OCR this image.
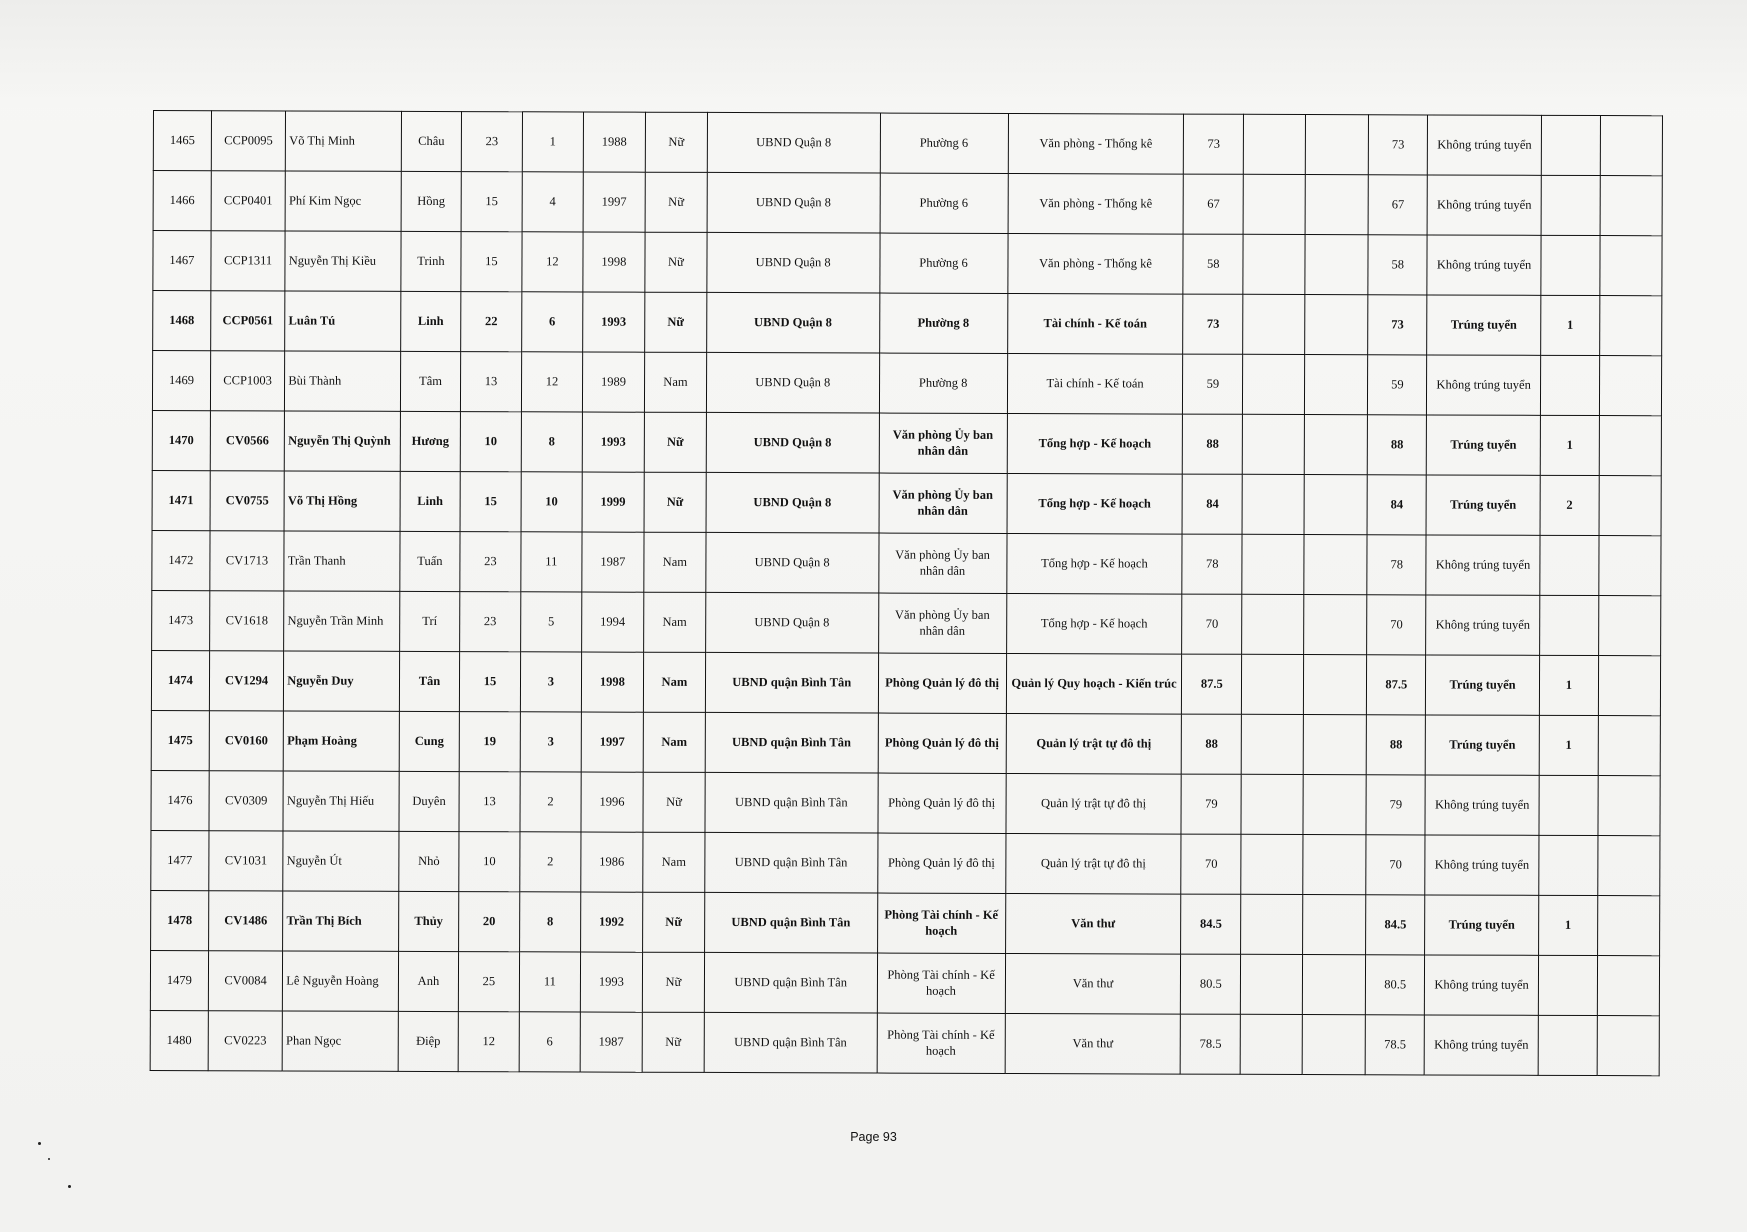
1465	CCP0095	Võ Thị Minh	Châu	23	1	1988	Nữ	UBND Quận 8	Phường 6	Văn phòng - Thống kê	73			73	Không trúng tuyển		
1466	CCP0401	Phí Kim Ngọc	Hồng	15	4	1997	Nữ	UBND Quận 8	Phường 6	Văn phòng - Thống kê	67			67	Không trúng tuyển		
1467	CCP1311	Nguyễn Thị Kiều	Trinh	15	12	1998	Nữ	UBND Quận 8	Phường 6	Văn phòng - Thống kê	58			58	Không trúng tuyển		
1468	CCP0561	Luân Tú	Linh	22	6	1993	Nữ	UBND Quận 8	Phường 8	Tài chính - Kế toán	73			73	Trúng tuyển	1	
1469	CCP1003	Bùi Thành	Tâm	13	12	1989	Nam	UBND Quận 8	Phường 8	Tài chính - Kế toán	59			59	Không trúng tuyển		
1470	CV0566	Nguyễn Thị Quỳnh	Hương	10	8	1993	Nữ	UBND Quận 8	Văn phòng Ủy ban nhân dân	Tổng hợp - Kế hoạch	88			88	Trúng tuyển	1	
1471	CV0755	Võ Thị Hồng	Linh	15	10	1999	Nữ	UBND Quận 8	Văn phòng Ủy ban nhân dân	Tổng hợp - Kế hoạch	84			84	Trúng tuyển	2	
1472	CV1713	Trần Thanh	Tuấn	23	11	1987	Nam	UBND Quận 8	Văn phòng Ủy ban nhân dân	Tổng hợp - Kế hoạch	78			78	Không trúng tuyển		
1473	CV1618	Nguyễn Trần Minh	Trí	23	5	1994	Nam	UBND Quận 8	Văn phòng Ủy ban nhân dân	Tổng hợp - Kế hoạch	70			70	Không trúng tuyển		
1474	CV1294	Nguyễn Duy	Tân	15	3	1998	Nam	UBND quận Bình Tân	Phòng Quản lý đô thị	Quản lý Quy hoạch - Kiến trúc	87.5			87.5	Trúng tuyển	1	
1475	CV0160	Phạm Hoàng	Cung	19	3	1997	Nam	UBND quận Bình Tân	Phòng Quản lý đô thị	Quản lý trật tự đô thị	88			88	Trúng tuyển	1	
1476	CV0309	Nguyễn Thị Hiếu	Duyên	13	2	1996	Nữ	UBND quận Bình Tân	Phòng Quản lý đô thị	Quản lý trật tự đô thị	79			79	Không trúng tuyển		
1477	CV1031	Nguyễn Út	Nhỏ	10	2	1986	Nam	UBND quận Bình Tân	Phòng Quản lý đô thị	Quản lý trật tự đô thị	70			70	Không trúng tuyển		
1478	CV1486	Trần Thị Bích	Thủy	20	8	1992	Nữ	UBND quận Bình Tân	Phòng Tài chính - Kế hoạch	Văn thư	84.5			84.5	Trúng tuyển	1	
1479	CV0084	Lê Nguyễn Hoàng	Anh	25	11	1993	Nữ	UBND quận Bình Tân	Phòng Tài chính - Kế hoạch	Văn thư	80.5			80.5	Không trúng tuyển		
1480	CV0223	Phan Ngọc	Điệp	12	6	1987	Nữ	UBND quận Bình Tân	Phòng Tài chính - Kế hoạch	Văn thư	78.5			78.5	Không trúng tuyển		
Page 93
